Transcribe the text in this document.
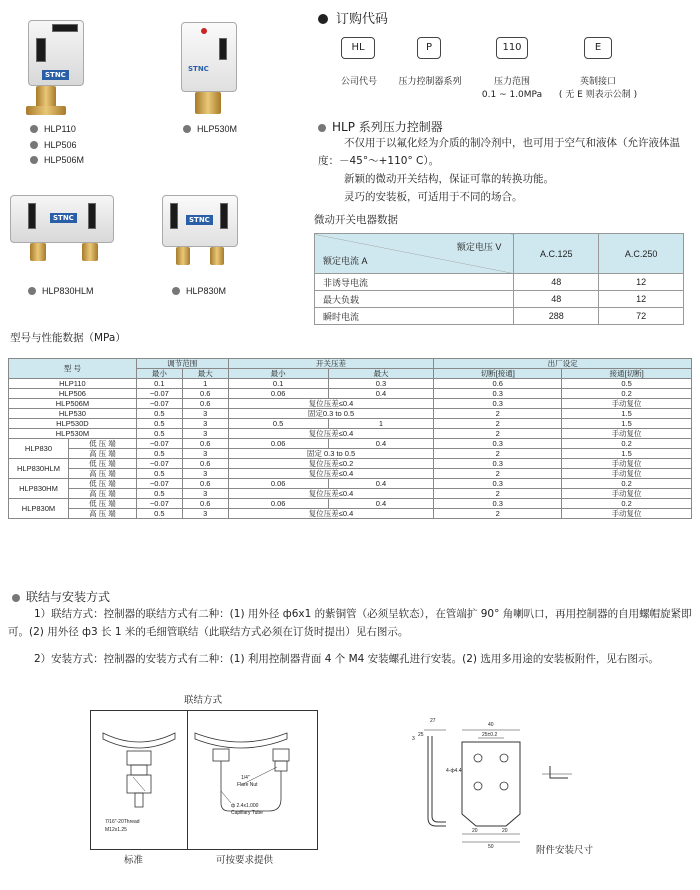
STNC
HLP110
HLP506
HLP506M
STNC
HLP530M
STNC
HLP830HLM
STNC
HLP830M
订购代码
HL	P	110	E
公司代号	压力控制器系列	压力范围
0.1 ~ 1.0MPa
英制接口
( 无 E 则表示公制 )
HLP 系列压力控制器
不仅用于以氟化烃为介质的制冷剂中，也可用于空气和液体（允许液体温度：－45°～+110° C）。
新颖的微动开关结构，保证可靠的转换功能。
灵巧的安装板，可适用于不同的场合。
微动开关电器数据
额定电压 V
额定电流 A	A.C.125	A.C.250
非诱导电流	48	12
最大负载	48	12
瞬时电流	288	72
型号与性能数据（MPa）
型 号		调节范围		开关压差		出厂设定	
		最小	最大	最小	最大	切断[接通]	接通[切断]
HLP110		0.1	1	0.1	0.3	0.6	0.5
HLP506		−0.07	0.6	0.06	0.4	0.3	0.2
HLP506M		−0.07	0.6	复位压差≤0.4		0.3	手动复位
HLP530		0.5	3	固定0.3 to 0.5		2	1.5
HLP530D		0.5	3	0.5	1	2	1.5
HLP530M		0.5	3	复位压差≤0.4		2	手动复位
HLP830	低 压 端	−0.07	0.6	0.06	0.4	0.3	0.2
	高 压 端	0.5	3	固定 0.3 to 0.5		2	1.5
HLP830HLM	低 压 端	−0.07	0.6	复位压差≤0.2		0.3	手动复位
	高 压 端	0.5	3	复位压差≤0.4		2	手动复位
HLP830HM	低 压 端	−0.07	0.6	0.06	0.4	0.3	0.2
	高 压 端	0.5	3	复位压差≤0.4		2	手动复位
HLP830M	低 压 端	−0.07	0.6	0.06	0.4	0.3	0.2
	高 压 端	0.5	3	复位压差≤0.4		2	手动复位
联结与安装方式
1）联结方式：控制器的联结方式有二种：(1) 用外径 ф6x1 的紫铜管（必须呈软态），在管端扩 90° 角喇叭口，再用控制器的自用螺帽旋紧即可。(2) 用外径 ф3 长 1 米的毛细管联结（此联结方式必须在订货时提出）见右图示。
2）安装方式：控制器的安装方式有二种：(1) 利用控制器背面 4 个 M4 安装螺孔进行安装。(2) 选用多用途的安装板附件，见右图示。
联结方式
7/16"-20Thread
M12x1.25
1/4"
Flare Nut
ф 2.4x1.000
Capillary Tube
标准	可按要求提供
27
25
40
25±0.2
3
4-ф4.4
20	20
50	附件安装尺寸
